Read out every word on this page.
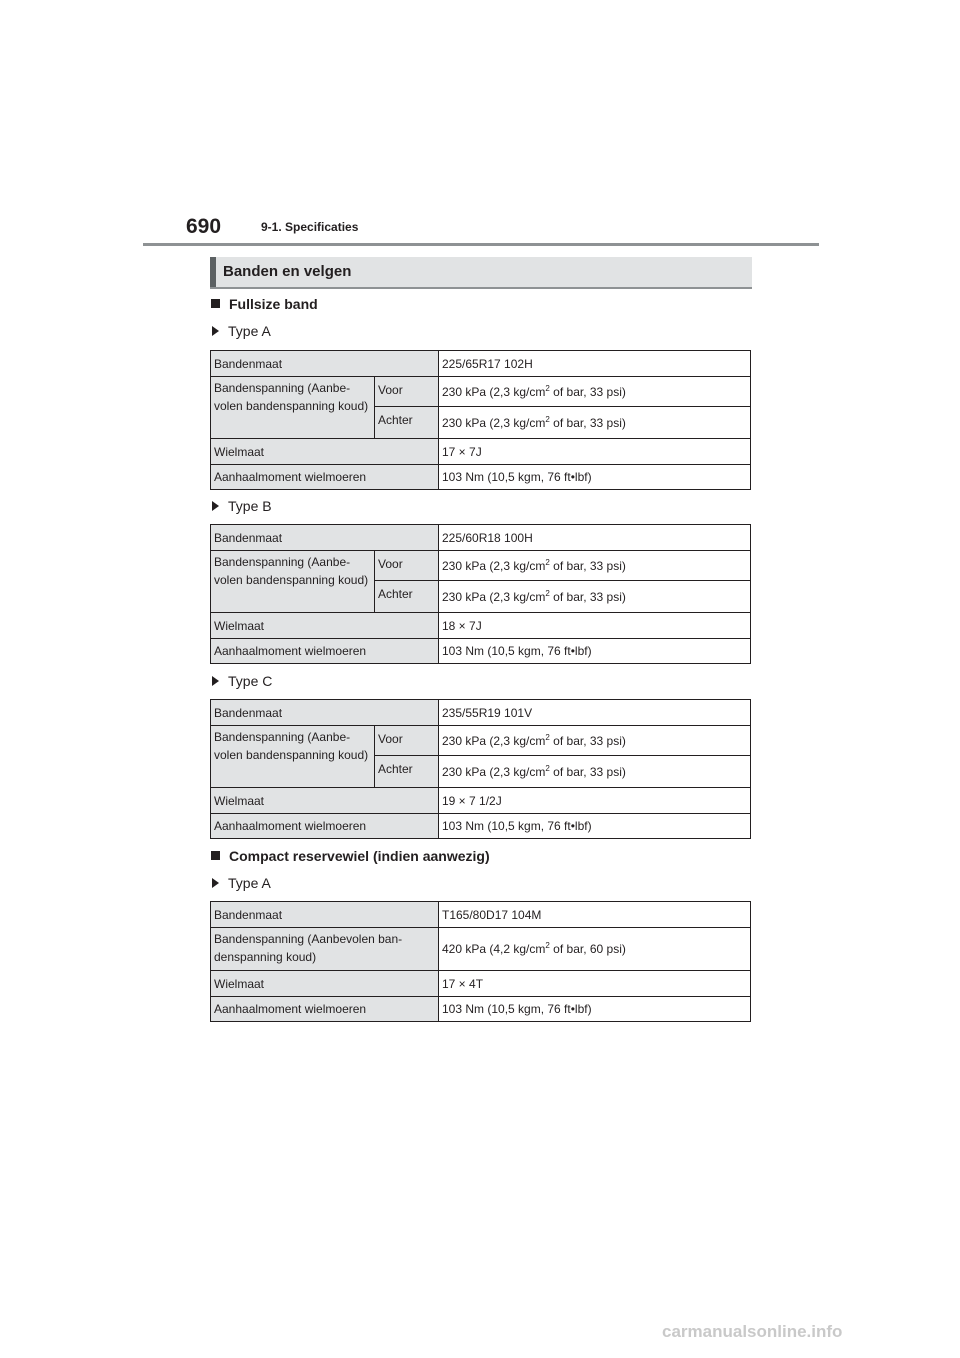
690	9-1. Specificaties
Banden en velgen
Fullsize band
Type A
Bandenmaat		225/65R17 102H
Bandenspanning (Aanbe-volen bandenspanning koud)	Voor	230 kPa (2,3 $kg/cm^2$ of bar, 33 psi)
	Achter	230 kPa (2,3 $kg/cm^2$ of bar, 33 psi)
Wielmaat		17 × 7J
Aanhaalmoment wielmoeren		103 Nm (10,5 kgm, 76 ft•lbf)
Type B
Bandenmaat		225/60R18 100H
Bandenspanning (Aanbe-volen bandenspanning koud)	Voor	230 kPa (2,3 $kg/cm^2$ of bar, 33 psi)
	Achter	230 kPa (2,3 $kg/cm^2$ of bar, 33 psi)
Wielmaat		18 × 7J
Aanhaalmoment wielmoeren		103 Nm (10,5 kgm, 76 ft•lbf)
Type C
Bandenmaat		235/55R19 101V
Bandenspanning (Aanbe-volen bandenspanning koud)	Voor	230 kPa (2,3 $kg/cm^2$ of bar, 33 psi)
	Achter	230 kPa (2,3 $kg/cm^2$ of bar, 33 psi)
Wielmaat		19 × 7 1/2J
Aanhaalmoment wielmoeren		103 Nm (10,5 kgm, 76 ft•lbf)
Compact reservewiel (indien aanwezig)
Type A
Bandenmaat	T165/80D17 104M
Bandenspanning (Aanbevolen ban-denspanning koud)	420 kPa (4,2 $kg/cm^2$ of bar, 60 psi)
Wielmaat	17 × 4T
Aanhaalmoment wielmoeren	103 Nm (10,5 kgm, 76 ft•lbf)
carmanualsonline.info
